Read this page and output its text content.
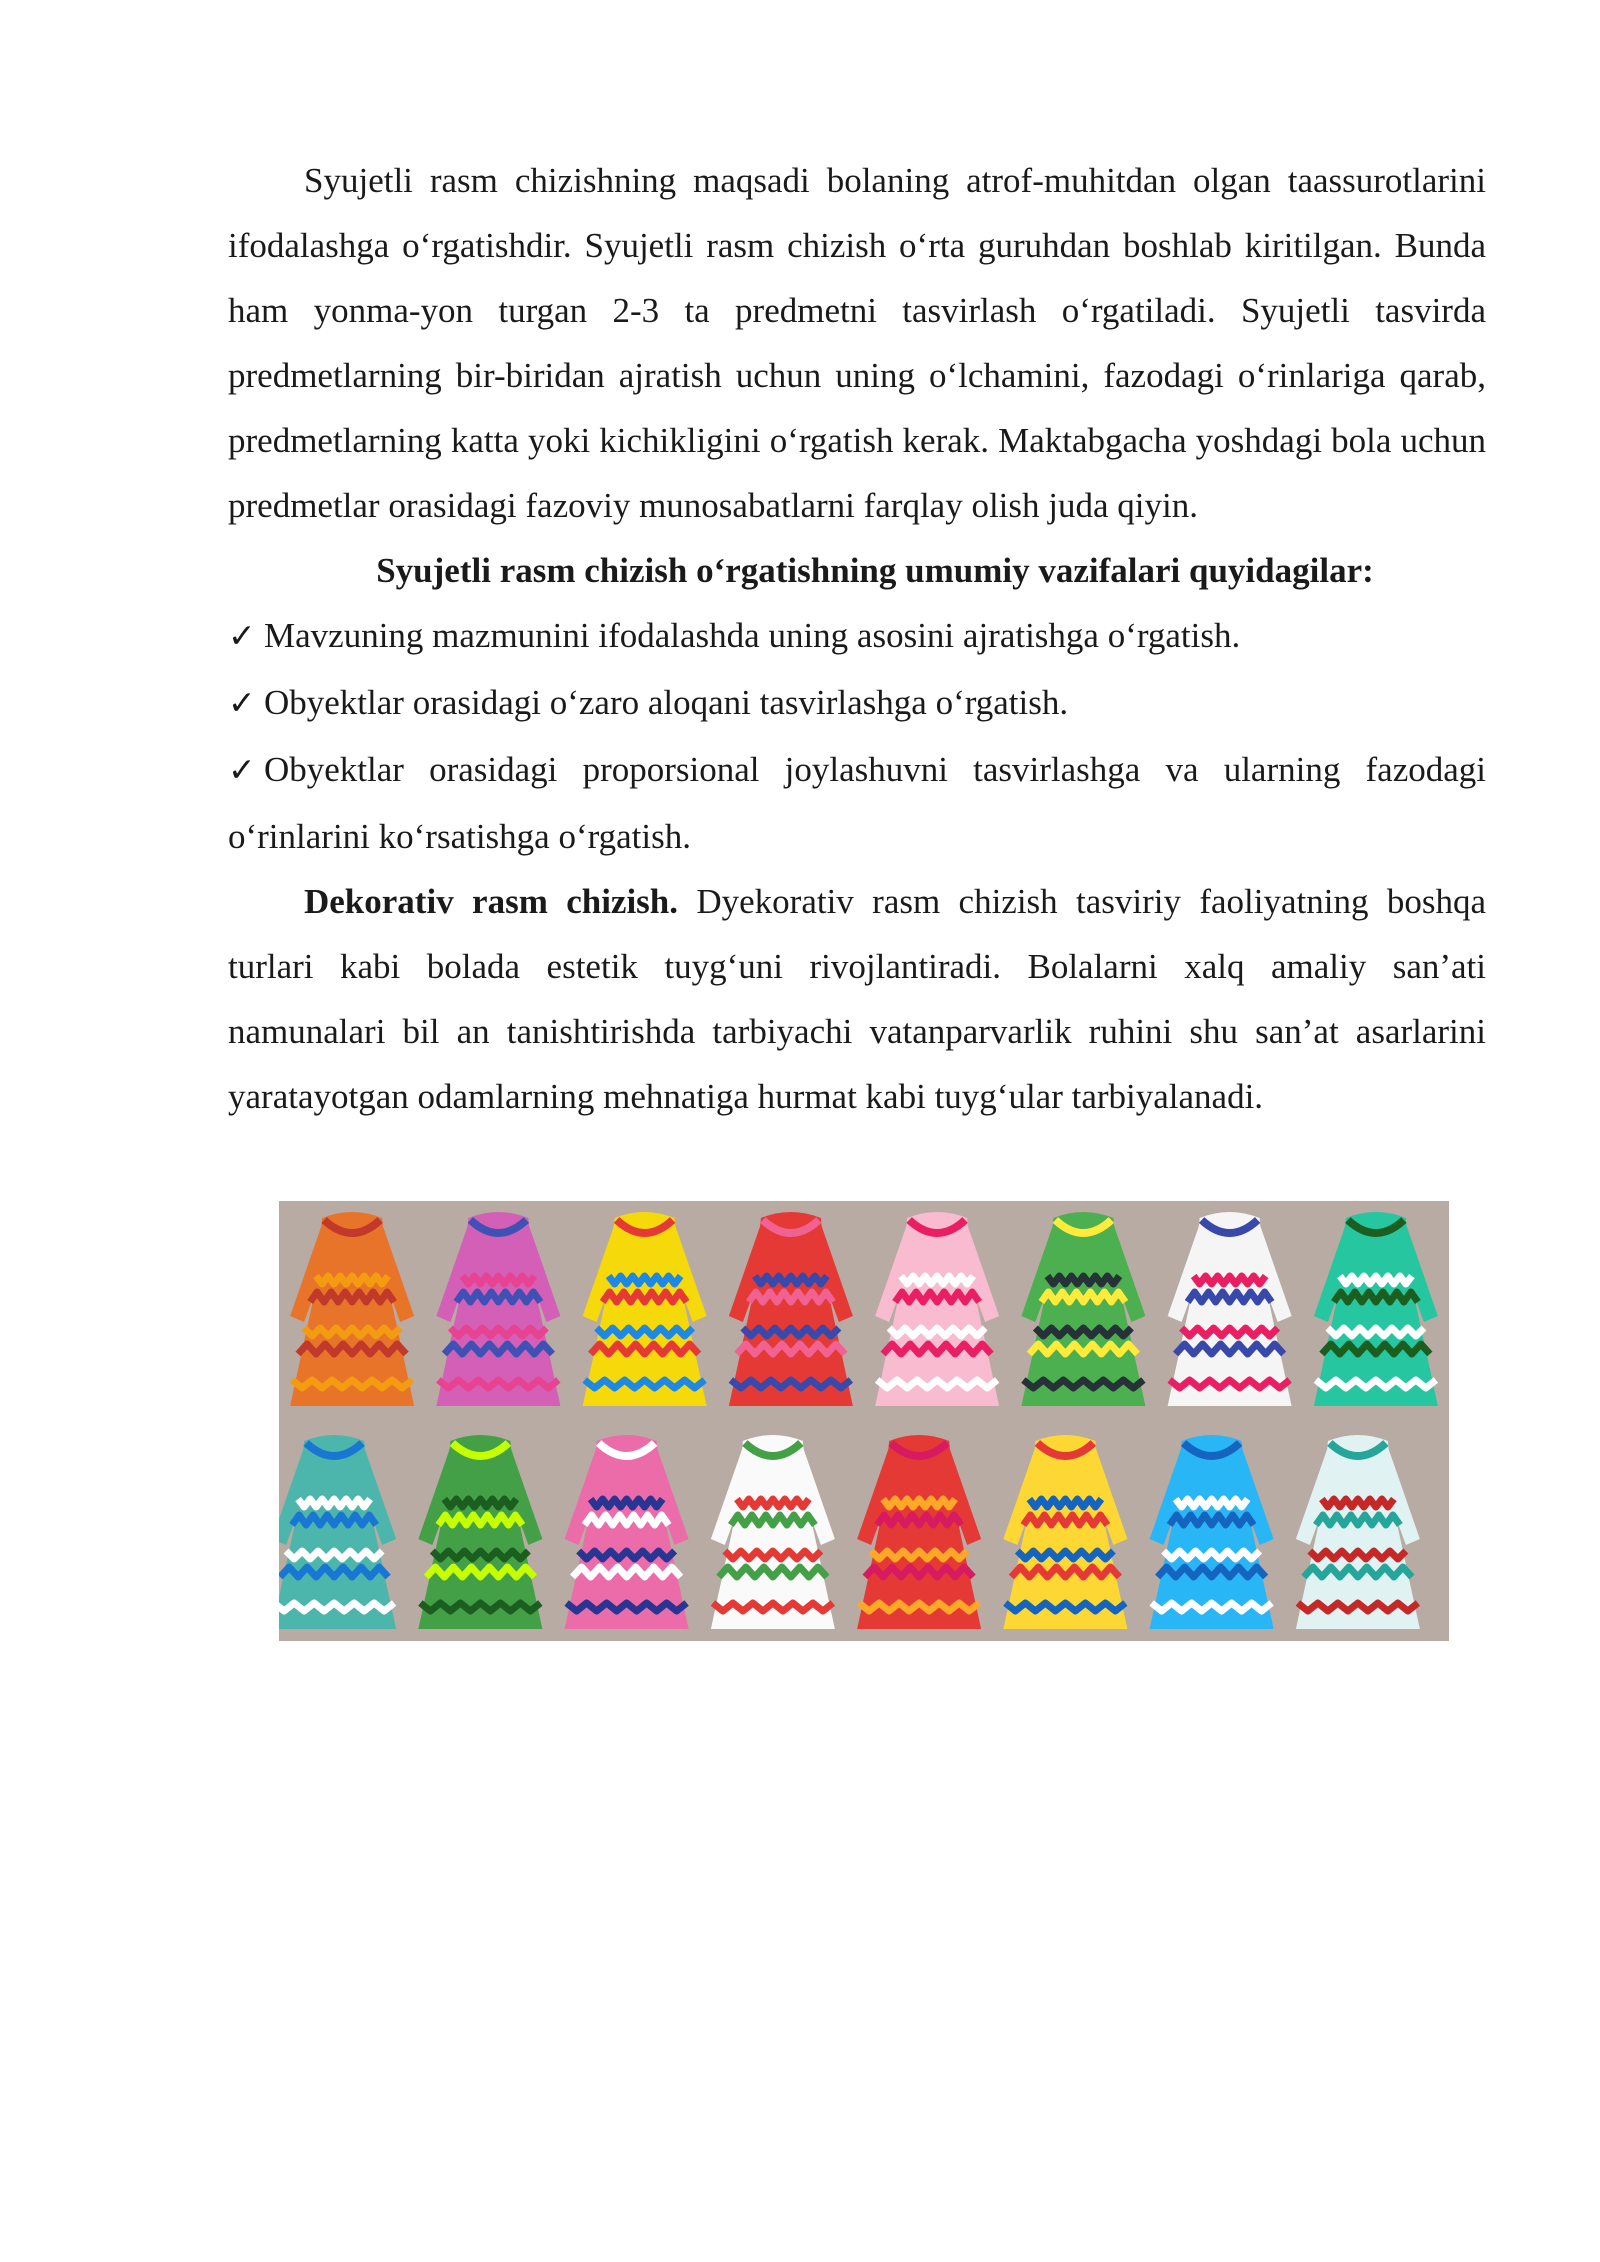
Syujetli rasm chizishning maqsadi bolaning atrof-muhitdan olgan taassurotlarini ifodalashga o‘rgatishdir. Syujetli rasm chizish o‘rta guruhdan boshlab kiritilgan. Bunda ham yonma-yon turgan 2-3 ta predmetni tasvirlash o‘rgatiladi. Syujetli tasvirda predmetlarning bir-biridan ajratish uchun uning o‘lchamini, fazodagi o‘rinlariga qarab, predmetlarning katta yoki kichikligini o‘rgatish kerak. Maktabgacha yoshdagi bola uchun predmetlar orasidagi fazoviy munosabatlarni farqlay olish juda qiyin.

Syujetli rasm chizish o‘rgatishning umumiy vazifalari quyidagilar:

✓ Mavzuning mazmunini ifodalashda uning asosini ajratishga o‘rgatish.
✓ Obyektlar orasidagi o‘zaro aloqani tasvirlashga o‘rgatish.
✓ Obyektlar orasidagi proporsional joylashuvni tasvirlashga va ularning fazodagi o‘rinlarini ko‘rsatishga o‘rgatish.

Dekorativ rasm chizish. Dyekorativ rasm chizish tasviriy faoliyatning boshqa turlari kabi bolada estetik tuyg‘uni rivojlantiradi. Bolalarni xalq amaliy san’ati namunalari bil an tanishtirishda tarbiyachi vatanparvarlik ruhini shu san’at asarlarini yaratayotgan odamlarning mehnatiga hurmat kabi tuyg‘ular tarbiyalanadi.
